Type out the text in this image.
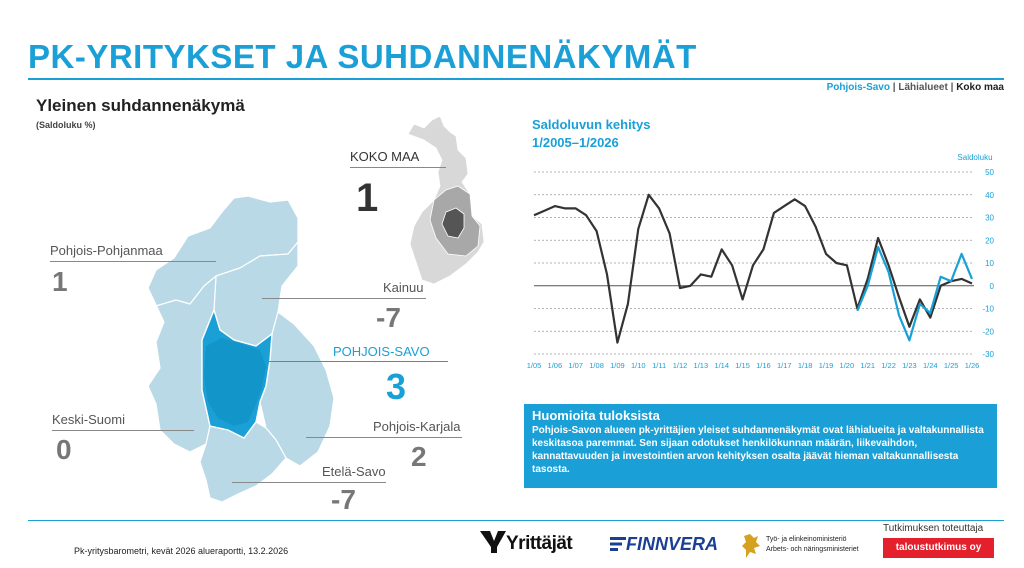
PK-YRITYKSET JA SUHDANNENÄKYMÄT
Pohjois-Savo | Lähialueet | Koko maa
Yleinen suhdannenäkymä
(Saldoluku %)
KOKO MAA
1
Pohjois-Pohjanmaa
1	Kainuu
-7
POHJOIS-SAVO
3
Keski-Suomi
0
Pohjois-Karjala
2
Etelä-Savo
-7
Saldoluvun kehitys
1/2005–1/2026
Saldoluku
50
40
30
20
10
0
-10
-20
-30
1/05 1/06 1/07 1/08 1/09 1/10 1/11 1/12 1/13 1/14 1/15 1/16 1/17 1/18 1/19 1/20 1/21 1/22 1/23 1/24 1/25 1/26
Huomioita tuloksista
Pohjois-Savon alueen pk-yrittäjien yleiset suhdannenäkymät ovat lähialueita ja valtakunnallista keskitasoa paremmat. Sen sijaan odotukset henkilökunnan määrän, liikevaihdon, kannattavuuden ja investointien arvon kehityksen osalta jäävät hieman valtakunnallisesta tasosta.
Pk-yritysbarometri, kevät 2026 alueraportti, 13.2.2026	Yrittäjät	FINNVERA	Työ- ja elinkeinoministeriö
Arbets- och näringsministeriet
Tutkimuksen toteuttaja
taloustutkimus oy
